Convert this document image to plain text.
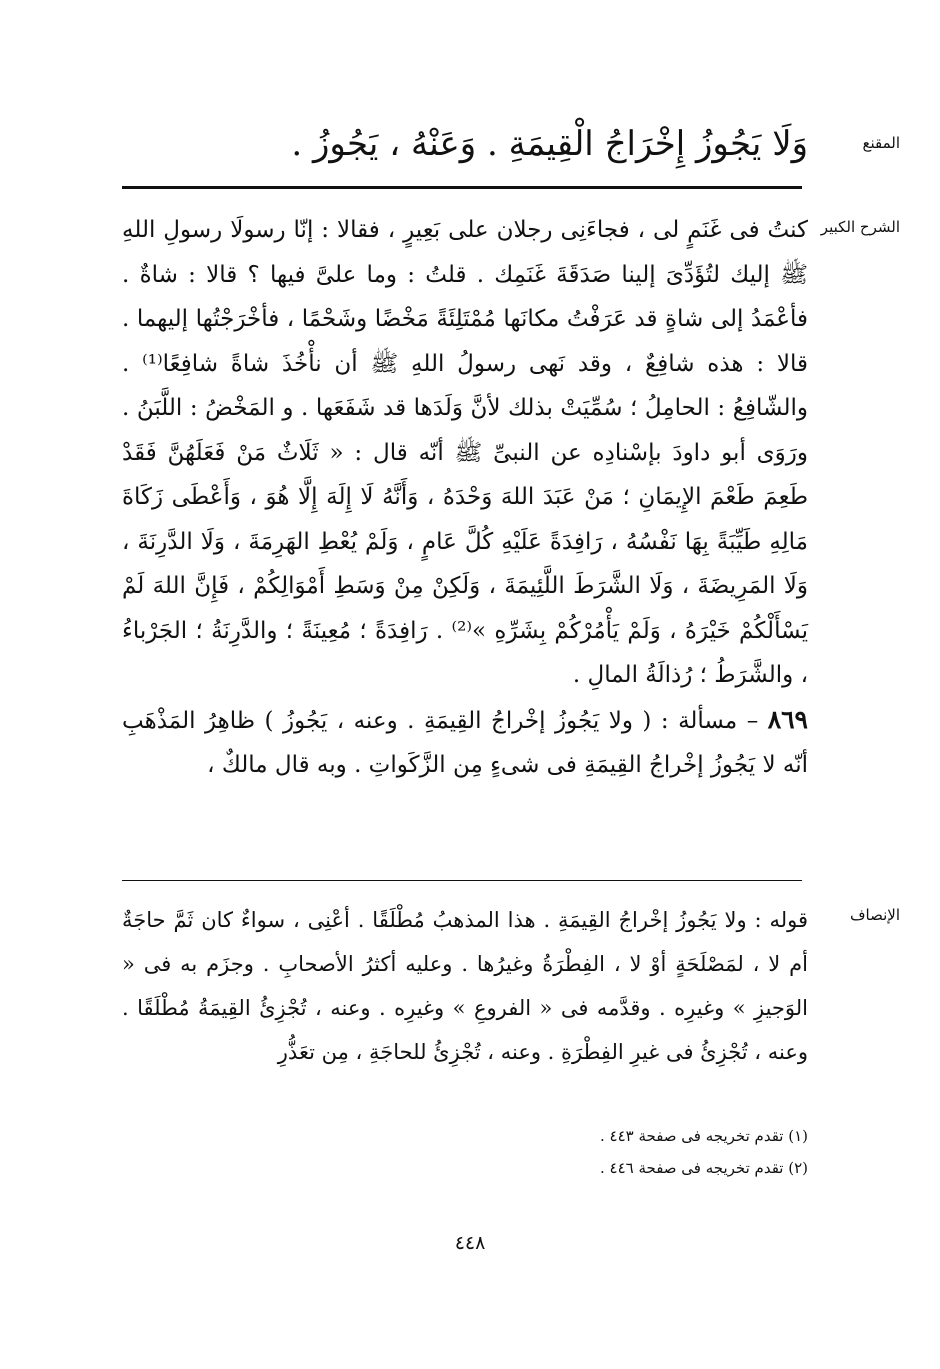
المقنع
وَلَا يَجُوزُ إِخْرَاجُ الْقِيمَةِ . وَعَنْهُ ، يَجُوزُ .
الشرح الكبير

كنتُ فى غَنَمٍ لى ، فجاءَنِى رجلان على بَعِيرٍ ، فقالا : إنّا رسولَا رسولِ اللهِ ﷺ إليك لتُؤَدِّىَ إلينا صَدَقَةَ غَنَمِك . قلتُ : وما علىَّ فيها ؟ قالا : شاةٌ . فأعْمَدُ إلى شاةٍ قد عَرَفْتُ مكانَها مُمْتَلِئَةً مَخْضًا وشَحْمًا ، فأخْرَجْتُها إليهما . قالا : هذه شافِعٌ ، وقد نَهى رسولُ اللهِ ﷺ أن نأْخُذَ شاةً شافِعًا⁽¹⁾ . والشّافِعُ : الحامِلُ ؛ سُمِّيَتْ بذلك لأنَّ وَلَدَها قد شَفَعَها . و المَخْضُ : اللَّبَنُ . ورَوَى أبو داودَ بإسْنادِه عن النبىِّ ﷺ أنّه قال : « ثَلَاثٌ مَنْ فَعَلَهُنَّ فَقَدْ طَعِمَ طَعْمَ الإِيمَانِ ؛ مَنْ عَبَدَ اللهَ وَحْدَهُ ، وَأَنَّهُ لَا إِلَهَ إِلَّا هُوَ ، وَأَعْطَى زَكَاةَ مَالِهِ طَيِّبَةً بِهَا نَفْسُهُ ، رَافِدَةً عَلَيْهِ كُلَّ عَامٍ ، وَلَمْ يُعْطِ الهَرِمَةَ ، وَلَا الدَّرِنَةَ ، وَلَا المَرِيضَةَ ، وَلَا الشَّرَطَ اللَّئِيمَةَ ، وَلَكِنْ مِنْ وَسَطِ أَمْوَالِكُمْ ، فَإِنَّ اللهَ لَمْ يَسْأَلْكُمْ خَيْرَهُ ، وَلَمْ يَأْمُرْكُمْ بِشَرِّهِ »⁽²⁾ . رَافِدَةً ؛ مُعِينَةً ؛ والدَّرِنَةُ ؛ الجَرْباءُ ، والشَّرَطُ ؛ رُذالَةُ المالِ .

٨٦٩ – مسألة : ( ولا يَجُوزُ إخْراجُ القِيمَةِ . وعنه ، يَجُوزُ ) ظاهِرُ المَذْهَبِ أنّه لا يَجُوزُ إخْراجُ القِيمَةِ فى شىءٍ مِن الزَّكَواتِ . وبه قال مالكٌ ،

الإنصاف
قوله : ولا يَجُوزُ إخْراجُ القِيمَةِ . هذا المذهبُ مُطْلَقًا . أعْنِى ، سواءٌ كان ثَمَّ حاجَةٌ أم لا ، لمَصْلَحَةٍ أوْ لا ، الفِطْرَةُ وغيرُها . وعليه أكثرُ الأصحابِ . وجزَم به فى « الوَجيزِ » وغيرِه . وقدَّمه فى « الفروعِ » وغيرِه . وعنه ، تُجْزِئُ القِيمَةُ مُطْلَقًا . وعنه ، تُجْزِئُ فى غيرِ الفِطْرَةِ . وعنه ، تُجْزِئُ للحاجَةِ ، مِن تعَذُّرِ

(١) تقدم تخريجه فى صفحة ٤٤٣ .

(٢) تقدم تخريجه فى صفحة ٤٤٦ .

٤٤٨
